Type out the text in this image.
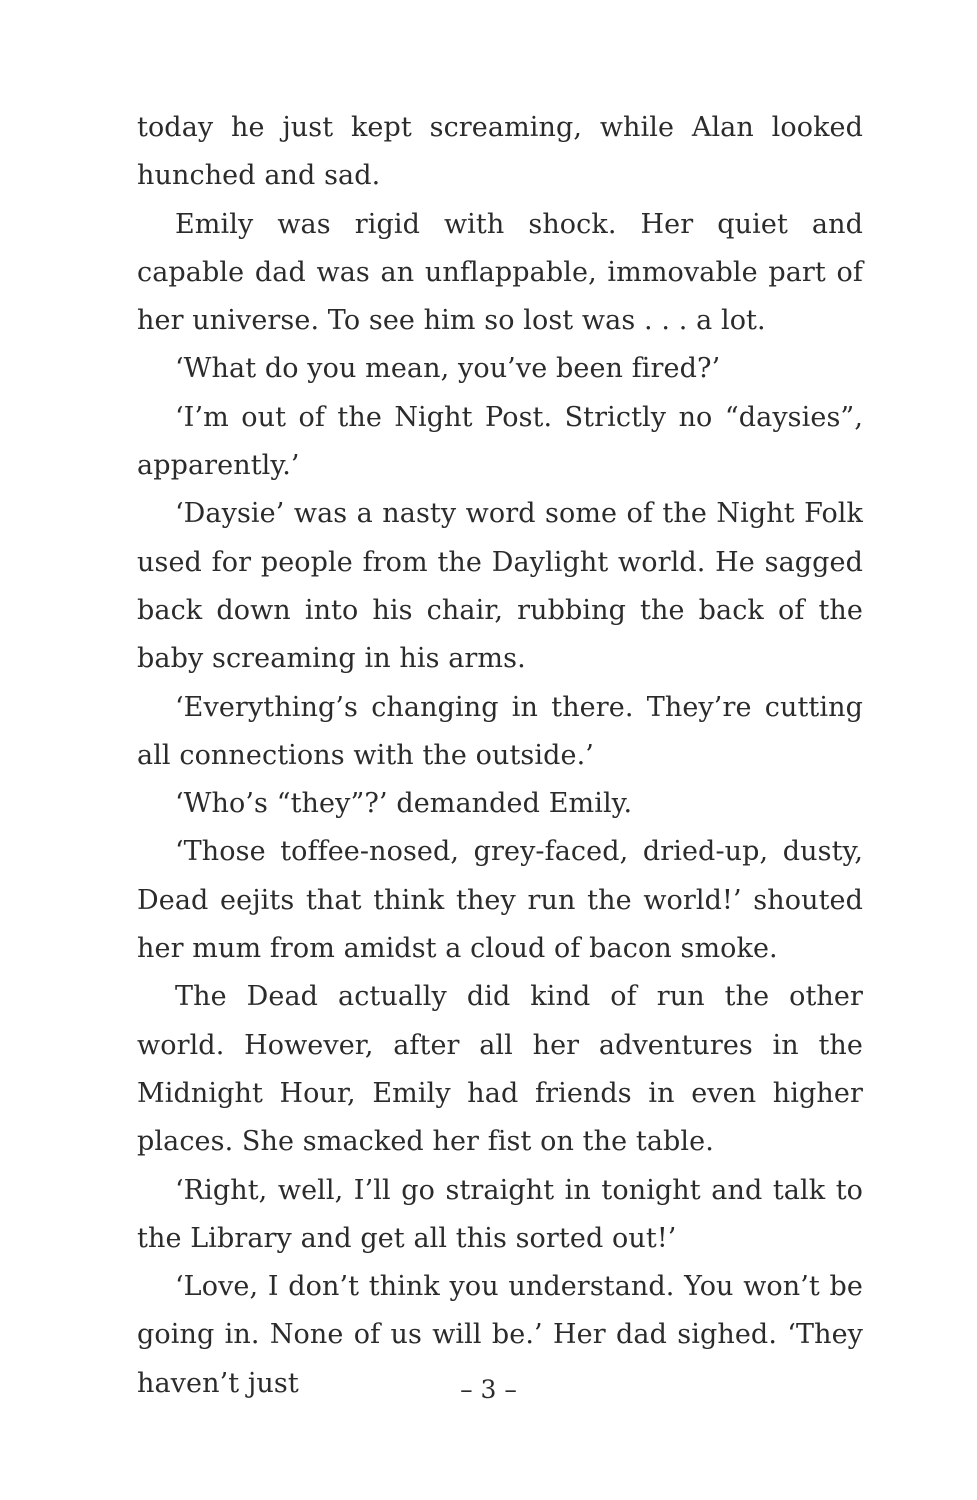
today he just kept screaming, while Alan looked hunched and sad.

Emily was rigid with shock. Her quiet and capable dad was an unflappable, immovable part of her universe. To see him so lost was . . . a lot.

‘What do you mean, you’ve been fired?’

‘I’m out of the Night Post. Strictly no “daysies”, apparently.’

‘Daysie’ was a nasty word some of the Night Folk used for people from the Daylight world. He sagged back down into his chair, rubbing the back of the baby screaming in his arms.

‘Everything’s changing in there. They’re cutting all connections with the outside.’

‘Who’s “they”?’ demanded Emily.

‘Those toffee-nosed, grey-faced, dried-up, dusty, Dead eejits that think they run the world!’ shouted her mum from amidst a cloud of bacon smoke.

The Dead actually did kind of run the other world. However, after all her adventures in the Midnight Hour, Emily had friends in even higher places. She smacked her fist on the table.

‘Right, well, I’ll go straight in tonight and talk to the Library and get all this sorted out!’

‘Love, I don’t think you understand. You won’t be going in. None of us will be.’ Her dad sighed. ‘They haven’t just	– 3 –
